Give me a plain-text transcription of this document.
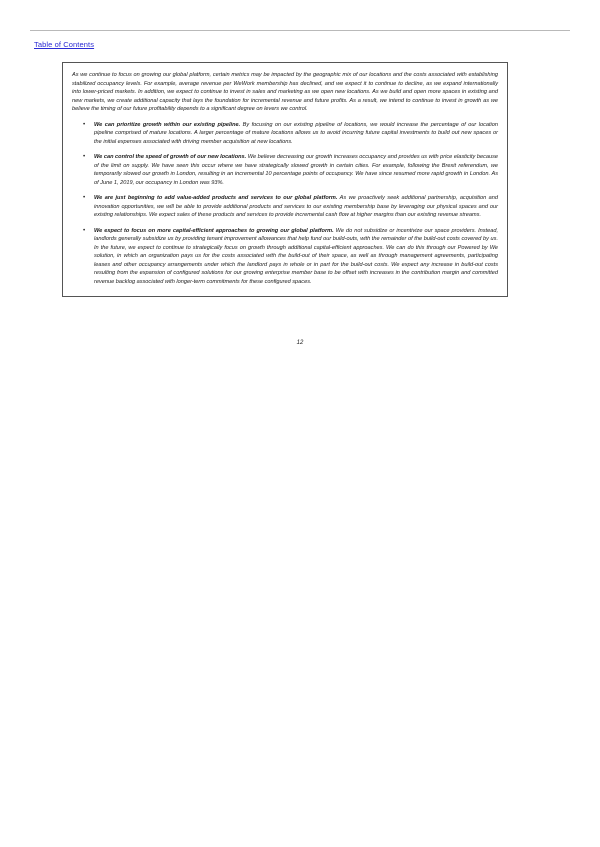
Table of Contents

As we continue to focus on growing our global platform, certain metrics may be impacted by the geographic mix of our locations and the costs associated with establishing stabilized occupancy levels. For example, average revenue per WeWork membership has declined, and we expect it to continue to decline, as we expand internationally into lower-priced markets. In addition, we expect to continue to invest in sales and marketing as we open new locations. As we build and open more spaces in existing and new markets, we create additional capacity that lays the foundation for incremental revenue and future profits. As a result, we intend to continue to invest in growth as we believe the timing of our future profitability depends to a significant degree on levers we control.

• We can prioritize growth within our existing pipeline. By focusing on our existing pipeline of locations, we would increase the percentage of our location pipeline comprised of mature locations. A larger percentage of mature locations allows us to avoid incurring future capital investments to build out new spaces or the initial expenses associated with driving member acquisition at new locations.
• We can control the speed of growth of our new locations. We believe decreasing our growth increases occupancy and provides us with price elasticity because of the limit on supply. We have seen this occur where we have strategically slowed growth in certain cities. For example, following the Brexit referendum, we temporarily slowed our growth in London, resulting in an incremental 10 percentage points of occupancy. We have since resumed more rapid growth in London. As of June 1, 2019, our occupancy in London was 93%.
• We are just beginning to add value-added products and services to our global platform. As we proactively seek additional partnership, acquisition and innovation opportunities, we will be able to provide additional products and services to our existing membership base by leveraging our physical spaces and our existing relationships. We expect sales of these products and services to provide incremental cash flow at higher margins than our existing revenue streams.
• We expect to focus on more capital-efficient approaches to growing our global platform. We do not subsidize or incentivize our space providers. Instead, landlords generally subsidize us by providing tenant improvement allowances that help fund our build-outs, with the remainder of the build-out costs covered by us. In the future, we expect to continue to strategically focus on growth through additional capital-efficient approaches. We can do this through our Powered by We solution, in which an organization pays us for the costs associated with the build-out of their space, as well as through management agreements, participating leases and other occupancy arrangements under which the landlord pays in whole or in part for the build-out costs. We expect any increase in build-out costs resulting from the expansion of configured solutions for our growing enterprise member base to be offset with increases in the contribution margin and committed revenue backlog associated with longer-term commitments for these configured spaces.
12
